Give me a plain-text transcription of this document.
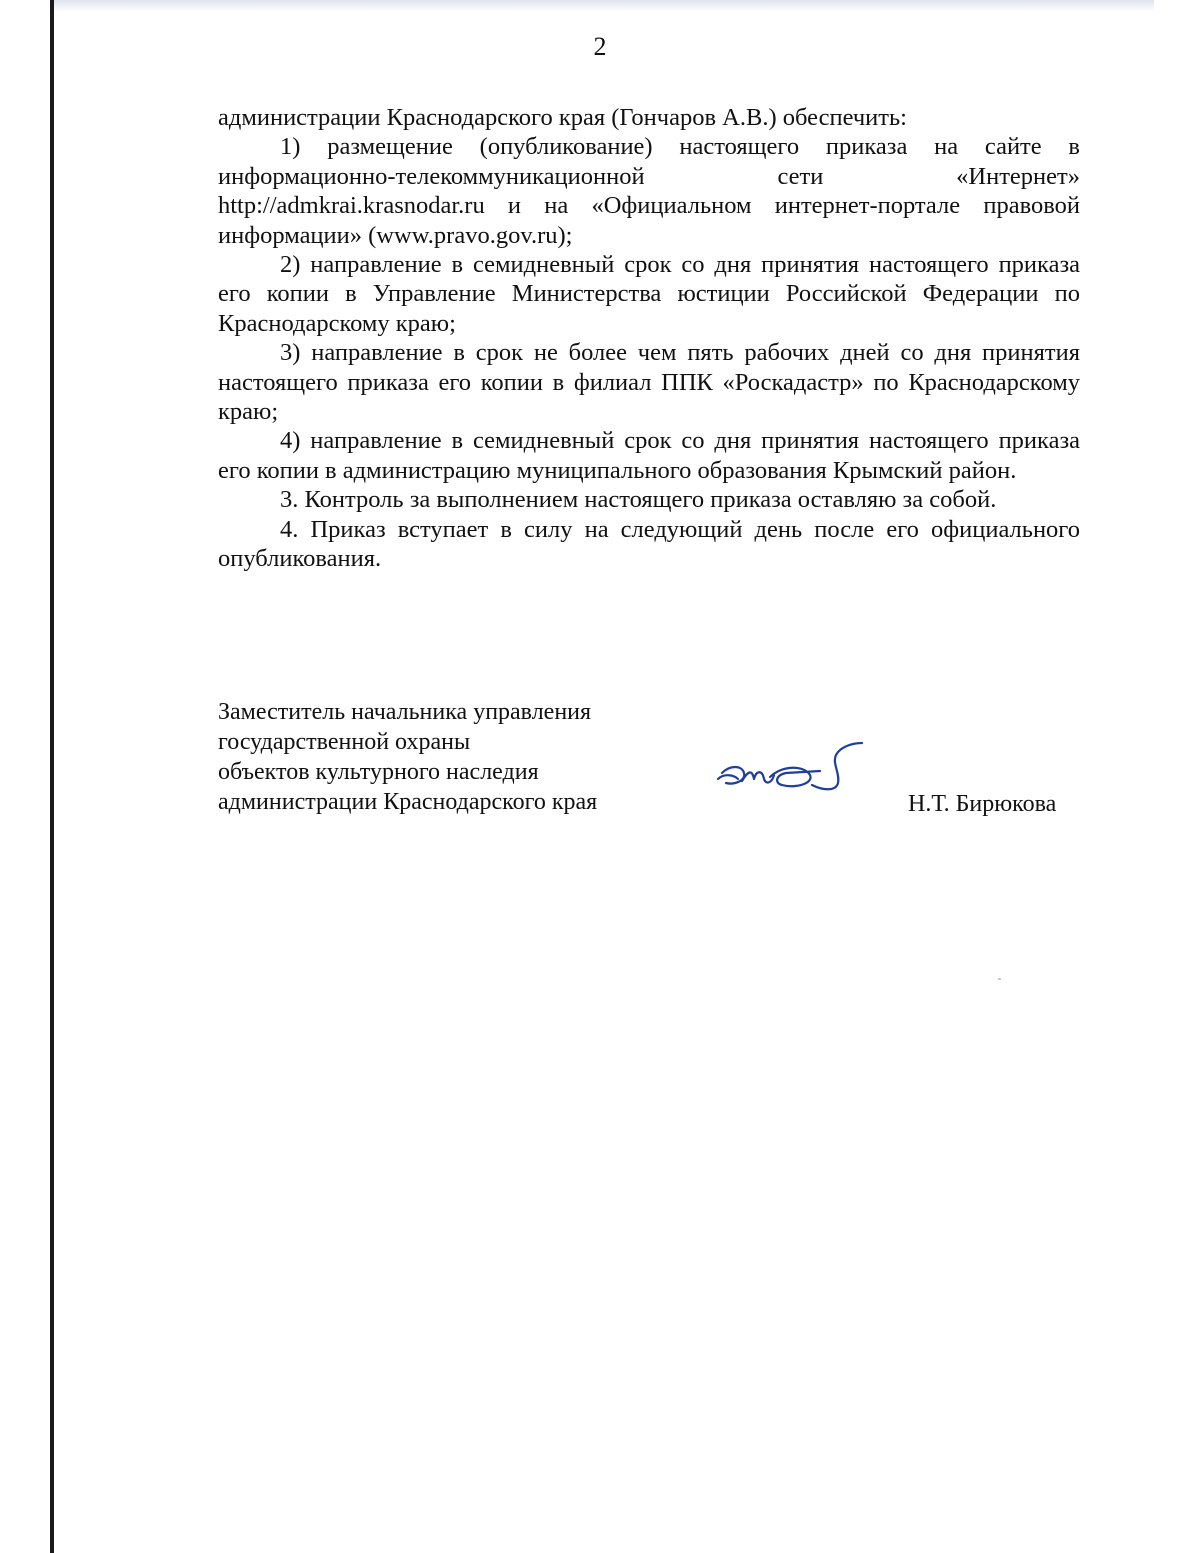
2

администрации Краснодарского края (Гончаров А.В.) обеспечить:

1) размещение (опубликование) настоящего приказа на сайте в информационно-телекоммуникационной сети «Интернет» http://admkrai.krasnodar.ru и на «Официальном интернет-портале правовой информации» (www.pravo.gov.ru);

2) направление в семидневный срок со дня принятия настоящего приказа его копии в Управление Министерства юстиции Российской Федерации по Краснодарскому краю;

3) направление в срок не более чем пять рабочих дней со дня принятия настоящего приказа его копии в филиал ППК «Роскадастр» по Краснодарскому краю;

4) направление в семидневный срок со дня принятия настоящего приказа его копии в администрацию муниципального образования Крымский район.

3. Контроль за выполнением настоящего приказа оставляю за собой.

4. Приказ вступает в силу на следующий день после его официального опубликования.

Заместитель начальника управления
государственной охраны
объектов культурного наследия
администрации Краснодарского края	Н.Т. Бирюкова
